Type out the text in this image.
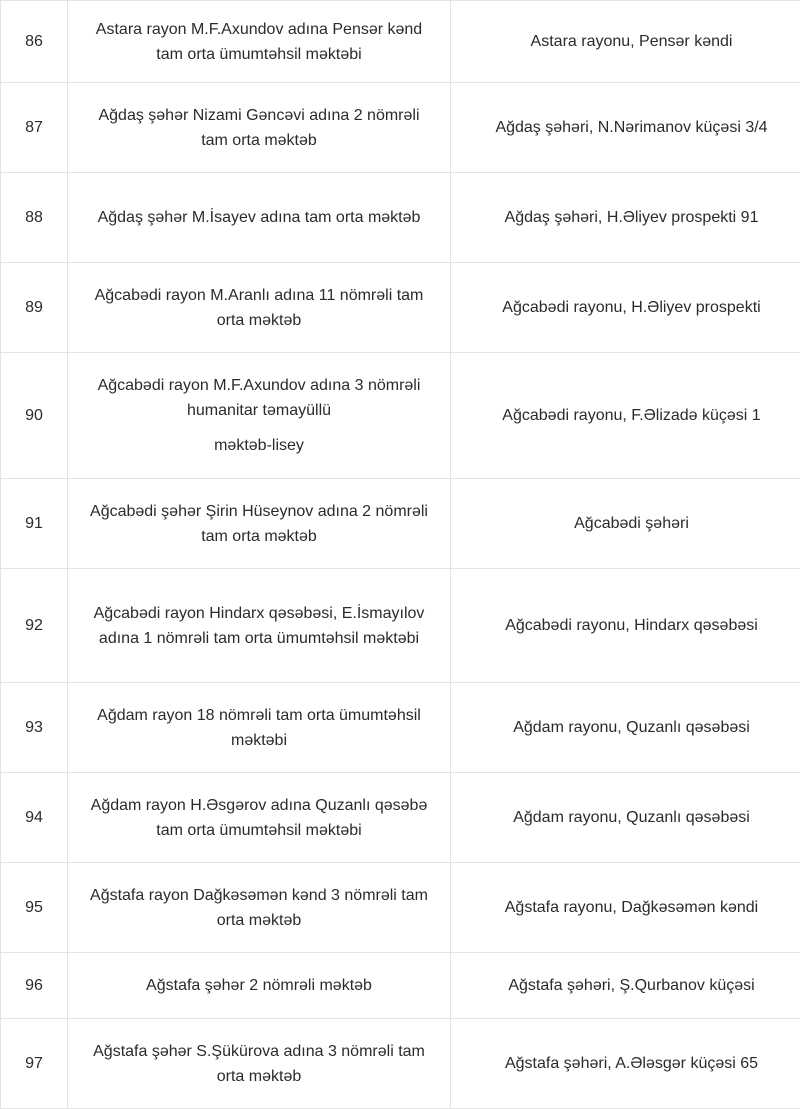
86	Astara rayon M.F.Axundov adına Pensər kənd tam orta ümumtəhsil məktəbi	Astara rayonu, Pensər kəndi

87	Ağdaş şəhər Nizami Gəncəvi adına 2 nömrəli tam orta məktəb	Ağdaş şəhəri, N.Nərimanov küçəsi 3/4

88	Ağdaş şəhər M.İsayev adına tam orta məktəb	Ağdaş şəhəri, H.Əliyev prospekti 91

89	Ağcabədi rayon M.Aranlı adına 11 nömrəli tam orta məktəb	Ağcabədi rayonu, H.Əliyev prospekti

90	Ağcabədi rayon M.F.Axundov adına 3 nömrəli humanitar təmayüllü
məktəb-lisey	Ağcabədi rayonu, F.Əlizadə küçəsi 1

91	Ağcabədi şəhər Şirin Hüseynov adına 2 nömrəli tam orta məktəb	Ağcabədi şəhəri

92	Ağcabədi rayon Hindarx qəsəbəsi, E.İsmayılov adına 1 nömrəli tam orta ümumtəhsil məktəbi	Ağcabədi rayonu, Hindarx qəsəbəsi

93	Ağdam rayon 18 nömrəli tam orta ümumtəhsil məktəbi	Ağdam rayonu, Quzanlı qəsəbəsi

94	Ağdam rayon H.Əsgərov adına Quzanlı qəsəbə tam orta ümumtəhsil məktəbi	Ağdam rayonu, Quzanlı qəsəbəsi

95	Ağstafa rayon Dağkəsəmən kənd 3 nömrəli tam orta məktəb	Ağstafa rayonu, Dağkəsəmən kəndi

96	Ağstafa şəhər 2 nömrəli məktəb	Ağstafa şəhəri, Ş.Qurbanov küçəsi

97	Ağstafa şəhər S.Şükürova adına 3 nömrəli tam orta məktəb	Ağstafa şəhəri, A.Ələsgər küçəsi 65
